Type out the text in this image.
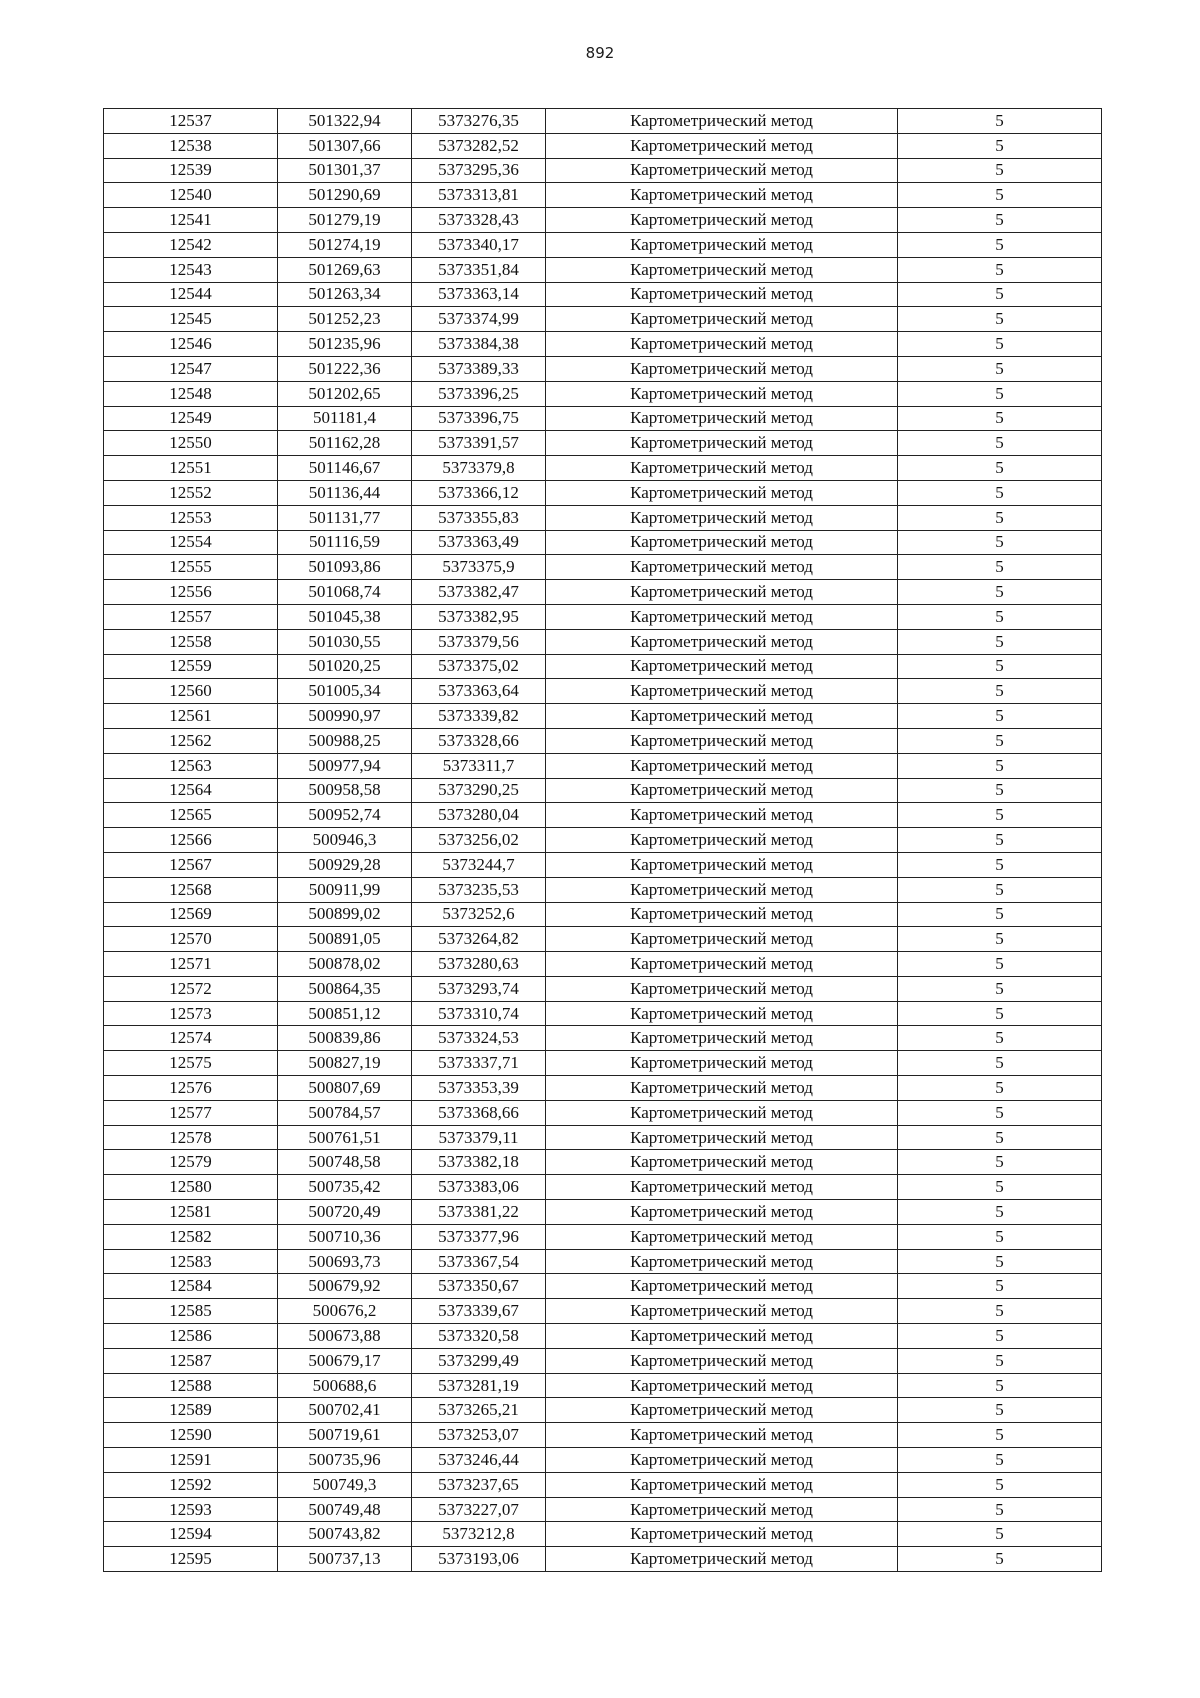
892
12537	501322,94	5373276,35	Картометрический метод	5
12538	501307,66	5373282,52	Картометрический метод	5
12539	501301,37	5373295,36	Картометрический метод	5
12540	501290,69	5373313,81	Картометрический метод	5
12541	501279,19	5373328,43	Картометрический метод	5
12542	501274,19	5373340,17	Картометрический метод	5
12543	501269,63	5373351,84	Картометрический метод	5
12544	501263,34	5373363,14	Картометрический метод	5
12545	501252,23	5373374,99	Картометрический метод	5
12546	501235,96	5373384,38	Картометрический метод	5
12547	501222,36	5373389,33	Картометрический метод	5
12548	501202,65	5373396,25	Картометрический метод	5
12549	501181,4	5373396,75	Картометрический метод	5
12550	501162,28	5373391,57	Картометрический метод	5
12551	501146,67	5373379,8	Картометрический метод	5
12552	501136,44	5373366,12	Картометрический метод	5
12553	501131,77	5373355,83	Картометрический метод	5
12554	501116,59	5373363,49	Картометрический метод	5
12555	501093,86	5373375,9	Картометрический метод	5
12556	501068,74	5373382,47	Картометрический метод	5
12557	501045,38	5373382,95	Картометрический метод	5
12558	501030,55	5373379,56	Картометрический метод	5
12559	501020,25	5373375,02	Картометрический метод	5
12560	501005,34	5373363,64	Картометрический метод	5
12561	500990,97	5373339,82	Картометрический метод	5
12562	500988,25	5373328,66	Картометрический метод	5
12563	500977,94	5373311,7	Картометрический метод	5
12564	500958,58	5373290,25	Картометрический метод	5
12565	500952,74	5373280,04	Картометрический метод	5
12566	500946,3	5373256,02	Картометрический метод	5
12567	500929,28	5373244,7	Картометрический метод	5
12568	500911,99	5373235,53	Картометрический метод	5
12569	500899,02	5373252,6	Картометрический метод	5
12570	500891,05	5373264,82	Картометрический метод	5
12571	500878,02	5373280,63	Картометрический метод	5
12572	500864,35	5373293,74	Картометрический метод	5
12573	500851,12	5373310,74	Картометрический метод	5
12574	500839,86	5373324,53	Картометрический метод	5
12575	500827,19	5373337,71	Картометрический метод	5
12576	500807,69	5373353,39	Картометрический метод	5
12577	500784,57	5373368,66	Картометрический метод	5
12578	500761,51	5373379,11	Картометрический метод	5
12579	500748,58	5373382,18	Картометрический метод	5
12580	500735,42	5373383,06	Картометрический метод	5
12581	500720,49	5373381,22	Картометрический метод	5
12582	500710,36	5373377,96	Картометрический метод	5
12583	500693,73	5373367,54	Картометрический метод	5
12584	500679,92	5373350,67	Картометрический метод	5
12585	500676,2	5373339,67	Картометрический метод	5
12586	500673,88	5373320,58	Картометрический метод	5
12587	500679,17	5373299,49	Картометрический метод	5
12588	500688,6	5373281,19	Картометрический метод	5
12589	500702,41	5373265,21	Картометрический метод	5
12590	500719,61	5373253,07	Картометрический метод	5
12591	500735,96	5373246,44	Картометрический метод	5
12592	500749,3	5373237,65	Картометрический метод	5
12593	500749,48	5373227,07	Картометрический метод	5
12594	500743,82	5373212,8	Картометрический метод	5
12595	500737,13	5373193,06	Картометрический метод	5
